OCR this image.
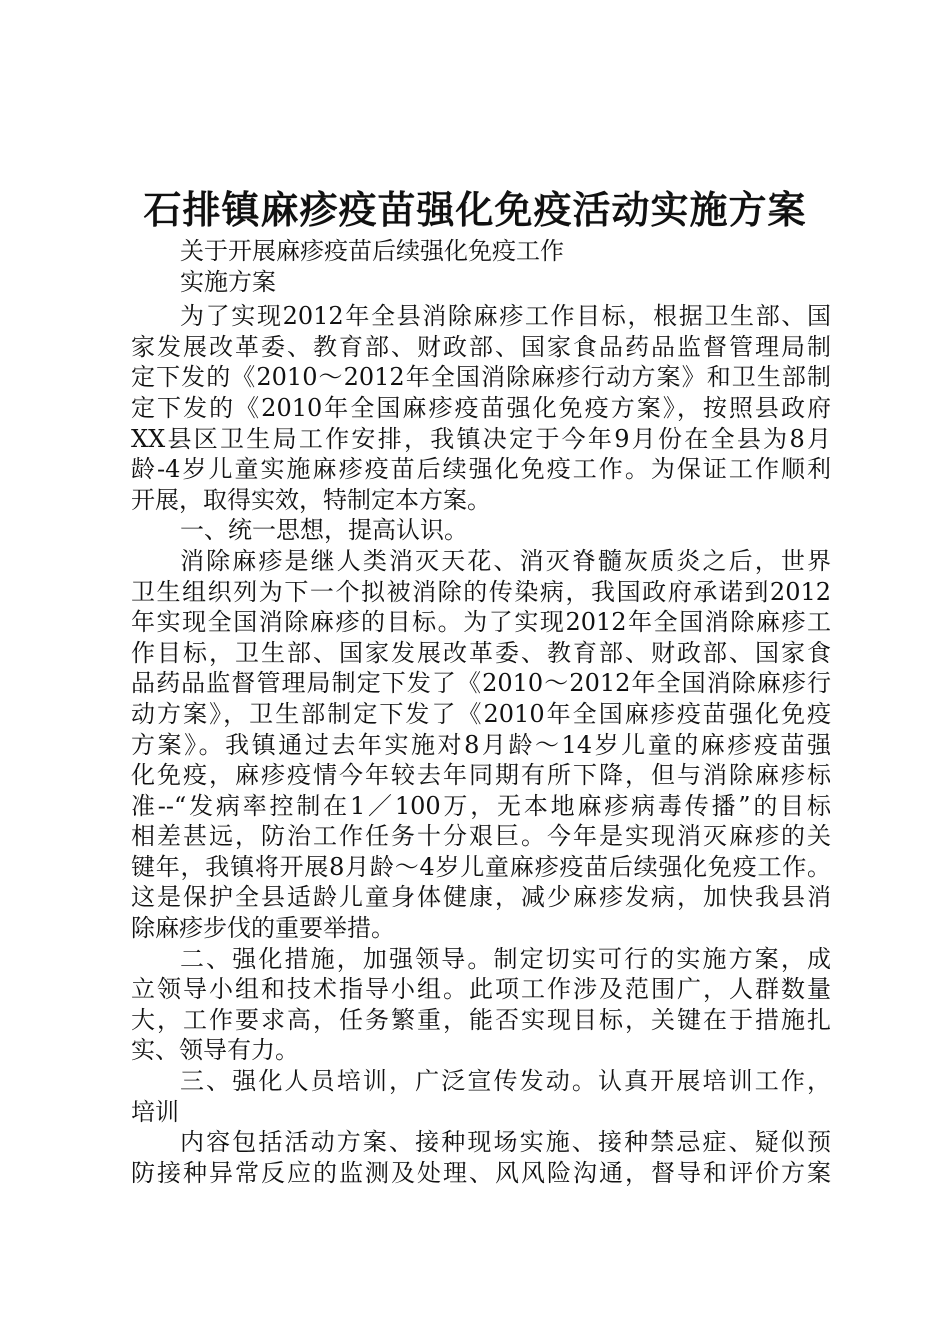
石排镇麻疹疫苗强化免疫活动实施方案
关于开展麻疹疫苗后续强化免疫工作
实施方案
为了实现2012年全县消除麻疹工作目标，根据卫生部、国
家发展改革委、教育部、财政部、国家食品药品监督管理局制
定下发的《2010～2012年全国消除麻疹行动方案》和卫生部制
定下发的《2010年全国麻疹疫苗强化免疫方案》，按照县政府
XX县区卫生局工作安排，我镇决定于今年9月份在全县为8月
龄-4岁儿童实施麻疹疫苗后续强化免疫工作。为保证工作顺利
开展，取得实效，特制定本方案。
一、统一思想，提高认识。
消除麻疹是继人类消灭天花、消灭脊髓灰质炎之后，世界
卫生组织列为下一个拟被消除的传染病，我国政府承诺到2012
年实现全国消除麻疹的目标。为了实现2012年全国消除麻疹工
作目标，卫生部、国家发展改革委、教育部、财政部、国家食
品药品监督管理局制定下发了《2010～2012年全国消除麻疹行
动方案》，卫生部制定下发了《2010年全国麻疹疫苗强化免疫
方案》。我镇通过去年实施对8月龄～14岁儿童的麻疹疫苗强
化免疫，麻疹疫情今年较去年同期有所下降，但与消除麻疹标
准--“发病率控制在1／100万，无本地麻疹病毒传播”的目标
相差甚远，防治工作任务十分艰巨。今年是实现消灭麻疹的关
键年，我镇将开展8月龄～4岁儿童麻疹疫苗后续强化免疫工作。
这是保护全县适龄儿童身体健康，减少麻疹发病，加快我县消
除麻疹步伐的重要举措。
二、强化措施，加强领导。制定切实可行的实施方案，成
立领导小组和技术指导小组。此项工作涉及范围广，人群数量
大，工作要求高，任务繁重，能否实现目标，关键在于措施扎
实、领导有力。
三、强化人员培训，广泛宣传发动。认真开展培训工作，
培训
内容包括活动方案、接种现场实施、接种禁忌症、疑似预
防接种异常反应的监测及处理、风风险沟通，督导和评价方案
